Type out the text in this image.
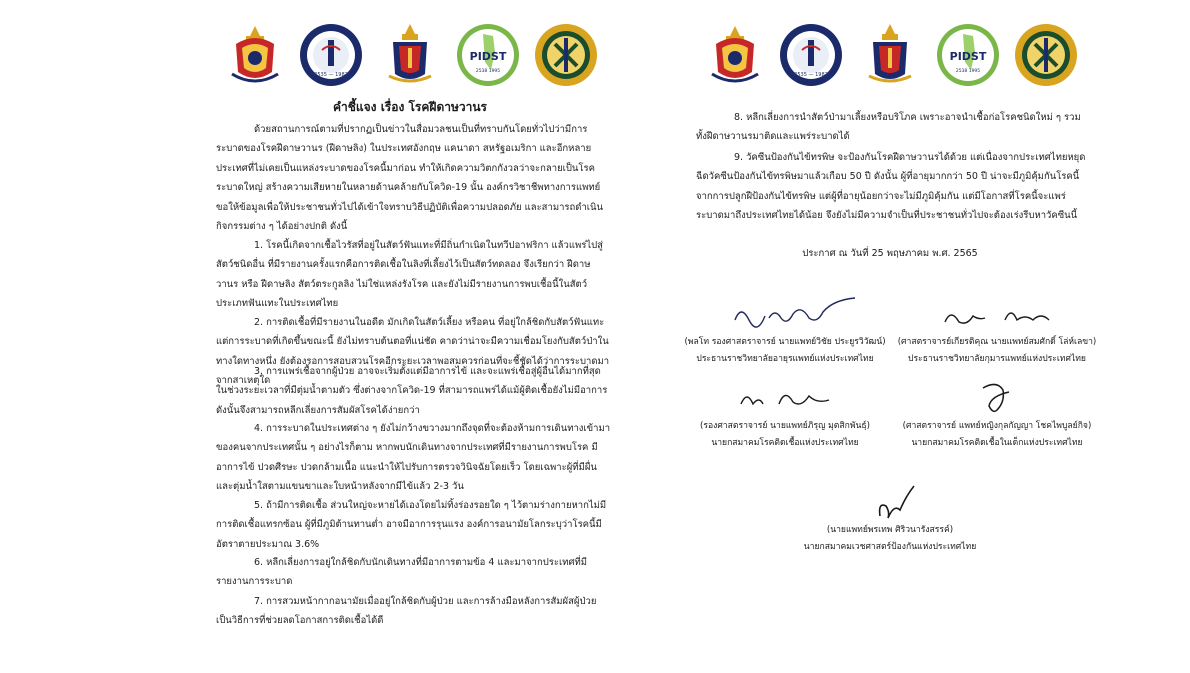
2535 — 1982
PIDST
2538 1995
คำชี้แจง เรื่อง โรคฝีดาษวานร

ด้วยสถานการณ์ตามที่ปรากฏเป็นข่าวในสื่อมวลชนเป็นที่ทราบกันโดยทั่วไปว่ามีการระบาดของโรคฝีดาษวานร (ฝีดาษลิง) ในประเทศอังกฤษ แคนาดา สหรัฐอเมริกา และอีกหลายประเทศที่ไม่เคยเป็นแหล่งระบาดของโรคนี้มาก่อน ทำให้เกิดความวิตกกังวลว่าจะกลายเป็นโรคระบาดใหญ่ สร้างความเสียหายในหลายด้านคล้ายกับโควิด-19 นั้น องค์กรวิชาชีพทางการแพทย์ขอให้ข้อมูลเพื่อให้ประชาชนทั่วไปได้เข้าใจทราบวิธีปฏิบัติเพื่อความปลอดภัย และสามารถดำเนินกิจกรรมต่าง ๆ ได้อย่างปกติ ดังนี้

1. โรคนี้เกิดจากเชื้อไวรัสที่อยู่ในสัตว์ฟันแทะที่มีถิ่นกำเนิดในทวีปอาฟริกา แล้วแพร่ไปสู่สัตว์ชนิดอื่น ที่มีรายงานครั้งแรกคือการติดเชื้อในลิงที่เลี้ยงไว้เป็นสัตว์ทดลอง จึงเรียกว่า ฝีดาษวานร หรือ ฝีดาษลิง สัตว์ตระกูลลิง ไม่ใช่แหล่งรังโรค และยังไม่มีรายงานการพบเชื้อนี้ในสัตว์ประเภทฟันแทะในประเทศไทย

2. การติดเชื้อที่มีรายงานในอดีต มักเกิดในสัตว์เลี้ยง หรือคน ที่อยู่ใกล้ชิดกับสัตว์ฟันแทะ แต่การระบาดที่เกิดขึ้นขณะนี้ ยังไม่ทราบต้นตอที่แน่ชัด คาดว่าน่าจะมีความเชื่อมโยงกับสัตว์ป่าในทางใดทางหนึ่ง ยังต้องรอการสอบสวนโรคอีกระยะเวลาพอสมควรก่อนที่จะชี้ชัดได้ว่าการระบาดมาจากสาเหตุใด

3. การแพร่เชื้อจากผู้ป่วย อาจจะเริ่มตั้งแต่มีอาการไข้ และจะแพร่เชื้อสู่ผู้อื่นได้มากที่สุดในช่วงระยะเวลาที่มีตุ่มน้ำตามตัว ซึ่งต่างจากโควิด-19 ที่สามารถแพร่ได้แม้ผู้ติดเชื้อยังไม่มีอาการ ดังนั้นจึงสามารถหลีกเลี่ยงการสัมผัสโรคได้ง่ายกว่า

4. การระบาดในประเทศต่าง ๆ ยังไม่กว้างขวางมากถึงจุดที่จะต้องห้ามการเดินทางเข้ามาของคนจากประเทศนั้น ๆ อย่างไรก็ตาม หากพบนักเดินทางจากประเทศที่มีรายงานการพบโรค มีอาการไข้ ปวดศีรษะ ปวดกล้ามเนื้อ แนะนำให้ไปรับการตรวจวินิจฉัยโดยเร็ว โดยเฉพาะผู้ที่มีผื่นและตุ่มน้ำใสตามแขนขาและใบหน้าหลังจากมีไข้แล้ว 2-3 วัน

5. ถ้ามีการติดเชื้อ ส่วนใหญ่จะหายได้เองโดยไม่ทิ้งร่องรอยใด ๆ ไว้ตามร่างกายหากไม่มีการติดเชื้อแทรกซ้อน ผู้ที่มีภูมิต้านทานต่ำ อาจมีอาการรุนแรง องค์การอนามัยโลกระบุว่าโรคนี้มีอัตราตายประมาณ 3.6%

6. หลีกเลี่ยงการอยู่ใกล้ชิดกับนักเดินทางที่มีอาการตามข้อ 4 และมาจากประเทศที่มีรายงานการระบาด

7. การสวมหน้ากากอนามัยเมื่ออยู่ใกล้ชิดกับผู้ป่วย และการล้างมือหลังการสัมผัสผู้ป่วย เป็นวิธีการที่ช่วยลดโอกาสการติดเชื้อได้ดี

2535 — 1982
PIDST
2538 1995

8. หลีกเลี่ยงการนำสัตว์ป่ามาเลี้ยงหรือบริโภค เพราะอาจนำเชื้อก่อโรคชนิดใหม่ ๆ รวมทั้งฝีดาษวานรมาติดและแพร่ระบาดได้

9. วัคซีนป้องกันไข้ทรพิษ จะป้องกันโรคฝีดาษวานรได้ด้วย แต่เนื่องจากประเทศไทยหยุดฉีดวัคซีนป้องกันไข้ทรพิษมาแล้วเกือบ 50 ปี ดังนั้น ผู้ที่อายุมากกว่า 50 ปี น่าจะมีภูมิคุ้มกันโรคนี้จากการปลูกฝีป้องกันไข้ทรพิษ แต่ผู้ที่อายุน้อยกว่าจะไม่มีภูมิคุ้มกัน แต่มีโอกาสที่โรคนี้จะแพร่ระบาดมาถึงประเทศไทยได้น้อย จึงยังไม่มีความจำเป็นที่ประชาชนทั่วไปจะต้องเร่งรีบหาวัคซีนนี้

ประกาศ ณ วันที่ 25 พฤษภาคม พ.ศ. 2565

(พลโท รองศาสตราจารย์ นายแพทย์วิชัย ประยูรวิวัฒน์)

ประธานราชวิทยาลัยอายุรแพทย์แห่งประเทศไทย

(ศาสตราจารย์เกียรติคุณ นายแพทย์สมศักดิ์ โล่ห์เลขา)

ประธานราชวิทยาลัยกุมารแพทย์แห่งประเทศไทย

(รองศาสตราจารย์ นายแพทย์ภิรุญ มุตสิกพันธุ์)

นายกสมาคมโรคติดเชื้อแห่งประเทศไทย

(ศาสตราจารย์ แพทย์หญิงกุลกัญญา โชคไพบูลย์กิจ)

นายกสมาคมโรคติดเชื้อในเด็กแห่งประเทศไทย

(นายแพทย์พรเทพ ศิริวนารังสรรค์)

นายกสมาคมเวชศาสตร์ป้องกันแห่งประเทศไทย
